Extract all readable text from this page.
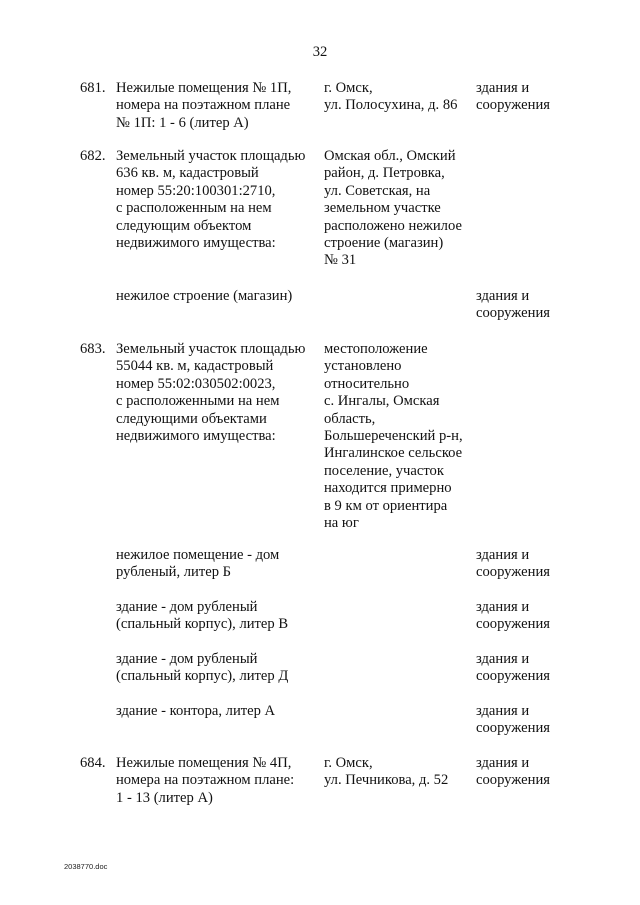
32
681. Нежилые помещения № 1П,
номера на поэтажном плане
№ 1П: 1 - 6 (литер А)
г. Омск,
ул. Полосухина, д. 86
здания и
сооружения
682. Земельный участок площадью
636 кв. м, кадастровый
номер 55:20:100301:2710,
с расположенным на нем
следующим объектом
недвижимого имущества:
Омская обл., Омский
район, д. Петровка,
ул. Советская, на
земельном участке
расположено нежилое
строение (магазин)
№ 31
нежилое строение (магазин)	здания и
сооружения
683. Земельный участок площадью
55044 кв. м, кадастровый
номер 55:02:030502:0023,
с расположенными на нем
следующими объектами
недвижимого имущества:
местоположение
установлено
относительно
с. Ингалы, Омская
область,
Большереченский р-н,
Ингалинское сельское
поселение, участок
находится примерно
в 9 км от ориентира
на юг
нежилое помещение - дом
рубленый, литер Б
здания и
сооружения
здание - дом рубленый
(спальный корпус), литер В
здания и
сооружения
здание - дом рубленый
(спальный корпус), литер Д
здания и
сооружения
здание - контора, литер А	здания и
сооружения
684. Нежилые помещения № 4П,
номера на поэтажном плане:
1 - 13 (литер А)
г. Омск,
ул. Печникова, д. 52
здания и
сооружения
2038770.doc
